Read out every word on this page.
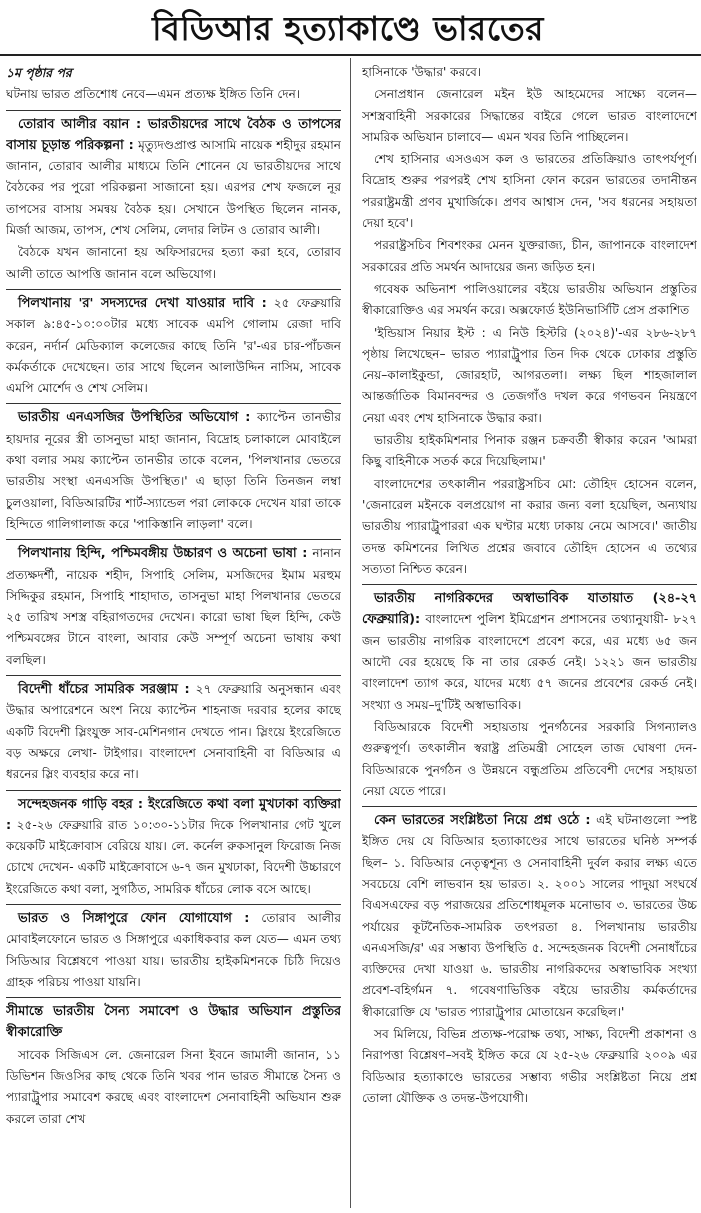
বিডিআর হত্যাকাণ্ডে ভারতের

১ম পৃষ্ঠার পর

ঘটনায় ভারত প্রতিশোধ নেবে—এমন প্রত্যক্ষ ইঙ্গিত তিনি দেন।

তোরাব আলীর বয়ান : ভারতীয়দের সাথে বৈঠক ও তাপসের বাসায় চূড়ান্ত পরিকল্পনা : মৃত্যুদণ্ডপ্রাপ্ত আসামি নায়েক শহীদুর রহমান জানান, তোরাব আলীর মাধ্যমে তিনি শোনেন যে ভারতীয়দের সাথে বৈঠকের পর পুরো পরিকল্পনা সাজানো হয়। এরপর শেখ ফজলে নূর তাপসের বাসায় সমন্বয় বৈঠক হয়। সেখানে উপস্থিত ছিলেন নানক, মির্জা আজম, তাপস, শেখ সেলিম, লেদার লিটন ও তোরাব আলী।

বৈঠকে যখন জানানো হয় অফিসারদের হত্যা করা হবে, তোরাব আলী তাতে আপত্তি জানান বলে অভিযোগ।

পিলখানায় 'র' সদস্যদের দেখা যাওয়ার দাবি : ২৫ ফেব্রুয়ারি সকাল ৯:৪৫-১০:০০টার মধ্যে সাবেক এমপি গোলাম রেজা দাবি করেন, নর্দার্ন মেডিক্যাল কলেজের কাছে তিনি 'র'-এর চার-পাঁচজন কর্মকর্তাকে দেখেছেন। তার সাথে ছিলেন আলাউদ্দিন নাসিম, সাবেক এমপি মোর্শেদ ও শেখ সেলিম।

ভারতীয় এনএসজির উপস্থিতির অভিযোগ : ক্যাপ্টেন তানভীর হায়দার নূরের স্ত্রী তাসনুভা মাহা জানান, বিদ্রোহ চলাকালে মোবাইলে কথা বলার সময় ক্যাপ্টেন তানভীর তাকে বলেন, 'পিলখানার ভেতরে ভারতীয় সংস্থা এনএসজি উপস্থিত।' এ ছাড়া তিনি তিনজন লম্বা চুলওয়ালা, বিডিআরটির শার্ট-স্যান্ডেল পরা লোককে দেখেন যারা তাকে হিন্দিতে গালিগালাজ করে 'পাকিস্তানি লাড়লা' বলে।

পিলখানায় হিন্দি, পশ্চিমবঙ্গীয় উচ্চারণ ও অচেনা ভাষা : নানান প্রত্যক্ষদর্শী, নায়েক শহীদ, সিপাহি সেলিম, মসজিদের ইমাম মরহুম সিদ্দিকুর রহমান, সিপাহি শাহাদাত, তাসনুভা মাহা পিলখানার ভেতরে ২৫ তারিখ সশস্ত্র বহিরাগতদের দেখেন। কারো ভাষা ছিল হিন্দি, কেউ পশ্চিমবঙ্গের টানে বাংলা, আবার কেউ সম্পূর্ণ অচেনা ভাষায় কথা বলছিল।

বিদেশী ধাঁচের সামরিক সরঞ্জাম : ২৭ ফেব্রুয়ারি অনুসন্ধান এবং উদ্ধার অপারেশনে অংশ নিয়ে ক্যাপ্টেন শাহনাজ দরবার হলের কাছে একটি বিদেশী স্লিংযুক্ত সাব-মেশিনগান দেখতে পান। স্লিংয়ে ইংরেজিতে বড় অক্ষরে লেখা- টাইগার। বাংলাদেশ সেনাবাহিনী বা বিডিআর এ ধরনের স্লিং ব্যবহার করে না।

সন্দেহজনক গাড়ি বহর : ইংরেজিতে কথা বলা মুখঢাকা ব্যক্তিরা : ২৫-২৬ ফেব্রুয়ারি রাত ১০:৩০-১১টার দিকে পিলখানার গেট খুলে কয়েকটি মাইক্রোবাস বেরিয়ে যায়। লে. কর্নেল রুকসানুল ফিরোজ নিজ চোখে দেখেন- একটি মাইক্রোবাসে ৬-৭ জন মুখঢাকা, বিদেশী উচ্চারণে ইংরেজিতে কথা বলা, সুগঠিত, সামরিক ধাঁচের লোক বসে আছে।

ভারত ও সিঙ্গাপুরে ফোন যোগাযোগ : তোরাব আলীর মোবাইলফোনে ভারত ও সিঙ্গাপুরে একাধিকবার কল যেত— এমন তথ্য সিডিআর বিশ্লেষণে পাওয়া যায়। ভারতীয় হাইকমিশনকে চিঠি দিয়েও গ্রাহক পরিচয় পাওয়া যায়নি।

সীমান্তে ভারতীয় সৈন্য সমাবেশ ও উদ্ধার অভিযান প্রস্তুতির স্বীকারোক্তি

সাবেক সিজিএস লে. জেনারেল সিনা ইবনে জামালী জানান, ১১ ডিভিশন জিওসির কাছ থেকে তিনি খবর পান ভারত সীমান্তে সৈন্য ও প্যারাট্রুপার সমাবেশ করছে এবং বাংলাদেশ সেনাবাহিনী অভিযান শুরু করলে তারা শেখ

হাসিনাকে 'উদ্ধার' করবে।

সেনাপ্রধান জেনারেল মইন ইউ আহমেদের সাক্ষ্যে বলেন— সশস্ত্রবাহিনী সরকারের সিদ্ধান্তের বাইরে গেলে ভারত বাংলাদেশে সামরিক অভিযান চালাবে— এমন খবর তিনি পাচ্ছিলেন।

শেখ হাসিনার এসওএস কল ও ভারতের প্রতিক্রিয়াও তাৎপর্যপূর্ণ। বিদ্রোহ শুরুর পরপরই শেখ হাসিনা ফোন করেন ভারতের তদানীন্তন পররাষ্ট্রমন্ত্রী প্রণব মুখার্জিকে। প্রণব আশ্বাস দেন, 'সব ধরনের সহায়তা দেয়া হবে'।

পররাষ্ট্রসচিব শিবশংকর মেনন যুক্তরাজ্য, চীন, জাপানকে বাংলাদেশ সরকারের প্রতি সমর্থন আদায়ের জন্য জড়িত হন।

গবেষক অভিনাশ পালিওয়ালের বইয়ে ভারতীয় অভিযান প্রস্তুতির স্বীকারোক্তিও এর সমর্থন করে। অক্সফোর্ড ইউনিভার্সিটি প্রেস প্রকাশিত

'ইন্ডিয়াস নিয়ার ইস্ট : এ নিউ হিস্টরি (২০২৪)'-এর ২৮৬-২৮৭ পৃষ্ঠায় লিখেছেন– ভারত প্যারাট্রুপার তিন দিক থেকে ঢোকার প্রস্তুতি নেয়–কালাইকুন্ডা, জোরহাট, আগরতলা। লক্ষ্য ছিল শাহজালাল আন্তর্জাতিক বিমানবন্দর ও তেজগাঁও দখল করে গণভবন নিয়ন্ত্রণে নেয়া এবং শেখ হাসিনাকে উদ্ধার করা।

ভারতীয় হাইকমিশনার পিনাক রঞ্জন চক্রবর্তী স্বীকার করেন 'আমরা কিছু বাহিনীকে সতর্ক করে দিয়েছিলাম।'

বাংলাদেশের তৎকালীন পররাষ্ট্রসচিব মো: তৌহিদ হোসেন বলেন, 'জেনারেল মইনকে বলপ্রয়োগ না করার জন্য বলা হয়েছিল, অন্যথায় ভারতীয় প্যারাট্রুপাররা এক ঘণ্টার মধ্যে ঢাকায় নেমে আসবে।' জাতীয় তদন্ত কমিশনের লিখিত প্রশ্নের জবাবে তৌহিদ হোসেন এ তথ্যের সত্যতা নিশ্চিত করেন।

ভারতীয় নাগরিকদের অস্বাভাবিক যাতায়াত (২৪-২৭ ফেব্রুয়ারি): বাংলাদেশ পুলিশ ইমিগ্রেশন প্রশাসনের তথ্যানুযায়ী- ৮২৭ জন ভারতীয় নাগরিক বাংলাদেশে প্রবেশ করে, এর মধ্যে ৬৫ জন আদৌ বের হয়েছে কি না তার রেকর্ড নেই। ১২২১ জন ভারতীয় বাংলাদেশ ত্যাগ করে, যাদের মধ্যে ৫৭ জনের প্রবেশের রেকর্ড নেই। সংখ্যা ও সময়–দু'টিই অস্বাভাবিক।

বিডিআরকে বিদেশী সহায়তায় পুনর্গঠনের সরকারি সিগন্যালও গুরুত্বপূর্ণ। তৎকালীন স্বরাষ্ট্র প্রতিমন্ত্রী সোহেল তাজ ঘোষণা দেন- বিডিআরকে পুনর্গঠন ও উন্নয়নে বন্ধুপ্রতিম প্রতিবেশী দেশের সহায়তা নেয়া যেতে পারে।

কেন ভারতের সংশ্লিষ্টতা নিয়ে প্রশ্ন ওঠে : এই ঘটনাগুলো স্পষ্ট ইঙ্গিত দেয় যে বিডিআর হত্যাকাণ্ডের সাথে ভারতের ঘনিষ্ঠ সম্পর্ক ছিল– ১. বিডিআর নেতৃত্বশূন্য ও সেনাবাহিনী দুর্বল করার লক্ষ্য এতে সবচেয়ে বেশি লাভবান হয় ভারত। ২. ২০০১ সালের পাদুয়া সংঘর্ষে বিএসএফের বড় পরাজয়ের প্রতিশোধমূলক মনোভাব ৩. ভারতের উচ্চ পর্যায়ের কূটনৈতিক-সামরিক তৎপরতা ৪. পিলখানায় ভারতীয় এনএসজি/র' এর সম্ভাব্য উপস্থিতি ৫. সন্দেহজনক বিদেশী সেনাধাঁচের ব্যক্তিদের দেখা যাওয়া ৬. ভারতীয় নাগরিকদের অস্বাভাবিক সংখ্যা প্রবেশ-বহির্গমন ৭. গবেষণাভিত্তিক বইয়ে ভারতীয় কর্মকর্তাদের স্বীকারোক্তি যে 'ভারত প্যারাট্রুপার মোতায়েন করেছিল।'

সব মিলিয়ে, বিভিন্ন প্রত্যক্ষ-পরোক্ষ তথ্য, সাক্ষ্য, বিদেশী প্রকাশনা ও নিরাপত্তা বিশ্লেষণ–সবই ইঙ্গিত করে যে ২৫-২৬ ফেব্রুয়ারি ২০০৯ এর বিডিআর হত্যাকাণ্ডে ভারতের সম্ভাব্য গভীর সংশ্লিষ্টতা নিয়ে প্রশ্ন তোলা যৌক্তিক ও তদন্ত-উপযোগী।
